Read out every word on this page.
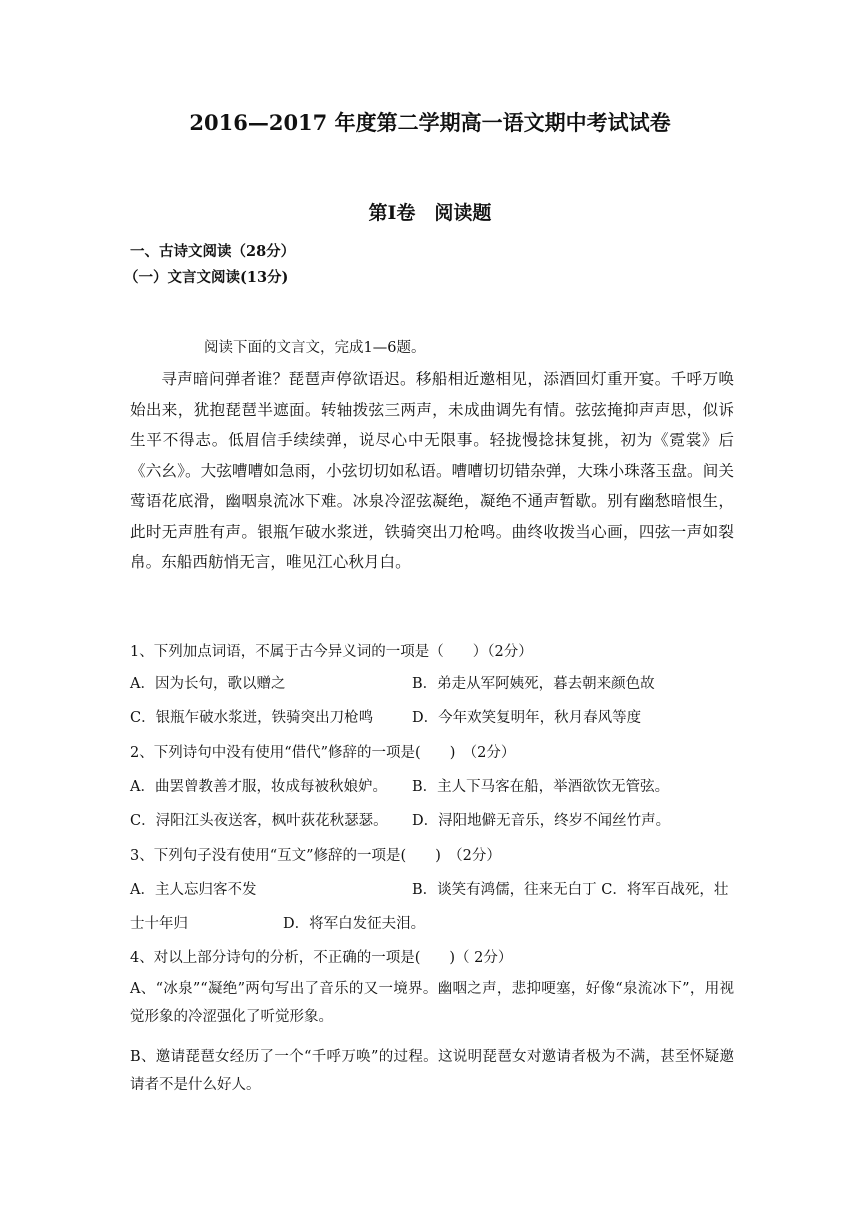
2016—2017 年度第二学期高一语文期中考试试卷
第Ⅰ卷　阅读题
一、古诗文阅读（28分）
（一）文言文阅读(13分)
阅读下面的文言文，完成1—6题。

寻声暗问弹者谁？琵琶声停欲语迟。移船相近邀相见，添酒回灯重开宴。千呼万唤始出来，犹抱琵琶半遮面。转轴拨弦三两声，未成曲调先有情。弦弦掩抑声声思，似诉生平不得志。低眉信手续续弹，说尽心中无限事。轻拢慢捻抹复挑，初为《霓裳》后《六幺》。大弦嘈嘈如急雨，小弦切切如私语。嘈嘈切切错杂弹，大珠小珠落玉盘。间关莺语花底滑，幽咽泉流冰下难。冰泉冷涩弦凝绝，凝绝不通声暂歇。别有幽愁暗恨生，此时无声胜有声。银瓶乍破水浆迸，铁骑突出刀枪鸣。曲终收拨当心画，四弦一声如裂帛。东船西舫悄无言，唯见江心秋月白。

1、下列加点词语，不属于古今异义词的一项是（　　）（2分）
A．因为长句，歌以赠之	B．弟走从军阿姨死，暮去朝来颜色故
C．银瓶乍破水浆迸，铁骑突出刀枪鸣	D．今年欢笑复明年，秋月春风等度
2、下列诗句中没有使用“借代”修辞的一项是(　　)　（2分）
A．曲罢曾教善才服，妆成每被秋娘妒。 B．主人下马客在船，举酒欲饮无管弦。
C．浔阳江头夜送客，枫叶荻花秋瑟瑟。 D．浔阳地僻无音乐，终岁不闻丝竹声。
3、下列句子没有使用“互文”修辞的一项是(　　)　（2分）
A．主人忘归客不发	B．谈笑有鸿儒，往来无白丁 C．将军百战死，壮
士十年归	D．将军白发征夫泪。
4、对以上部分诗句的分析，不正确的一项是(　　)（ 2分）

A、“冰泉”“凝绝”两句写出了音乐的又一境界。幽咽之声，悲抑哽塞，好像“泉流冰下”，用视觉形象的冷涩强化了听觉形象。

B、邀请琵琶女经历了一个“千呼万唤”的过程。这说明琵琶女对邀请者极为不满，甚至怀疑邀请者不是什么好人。
